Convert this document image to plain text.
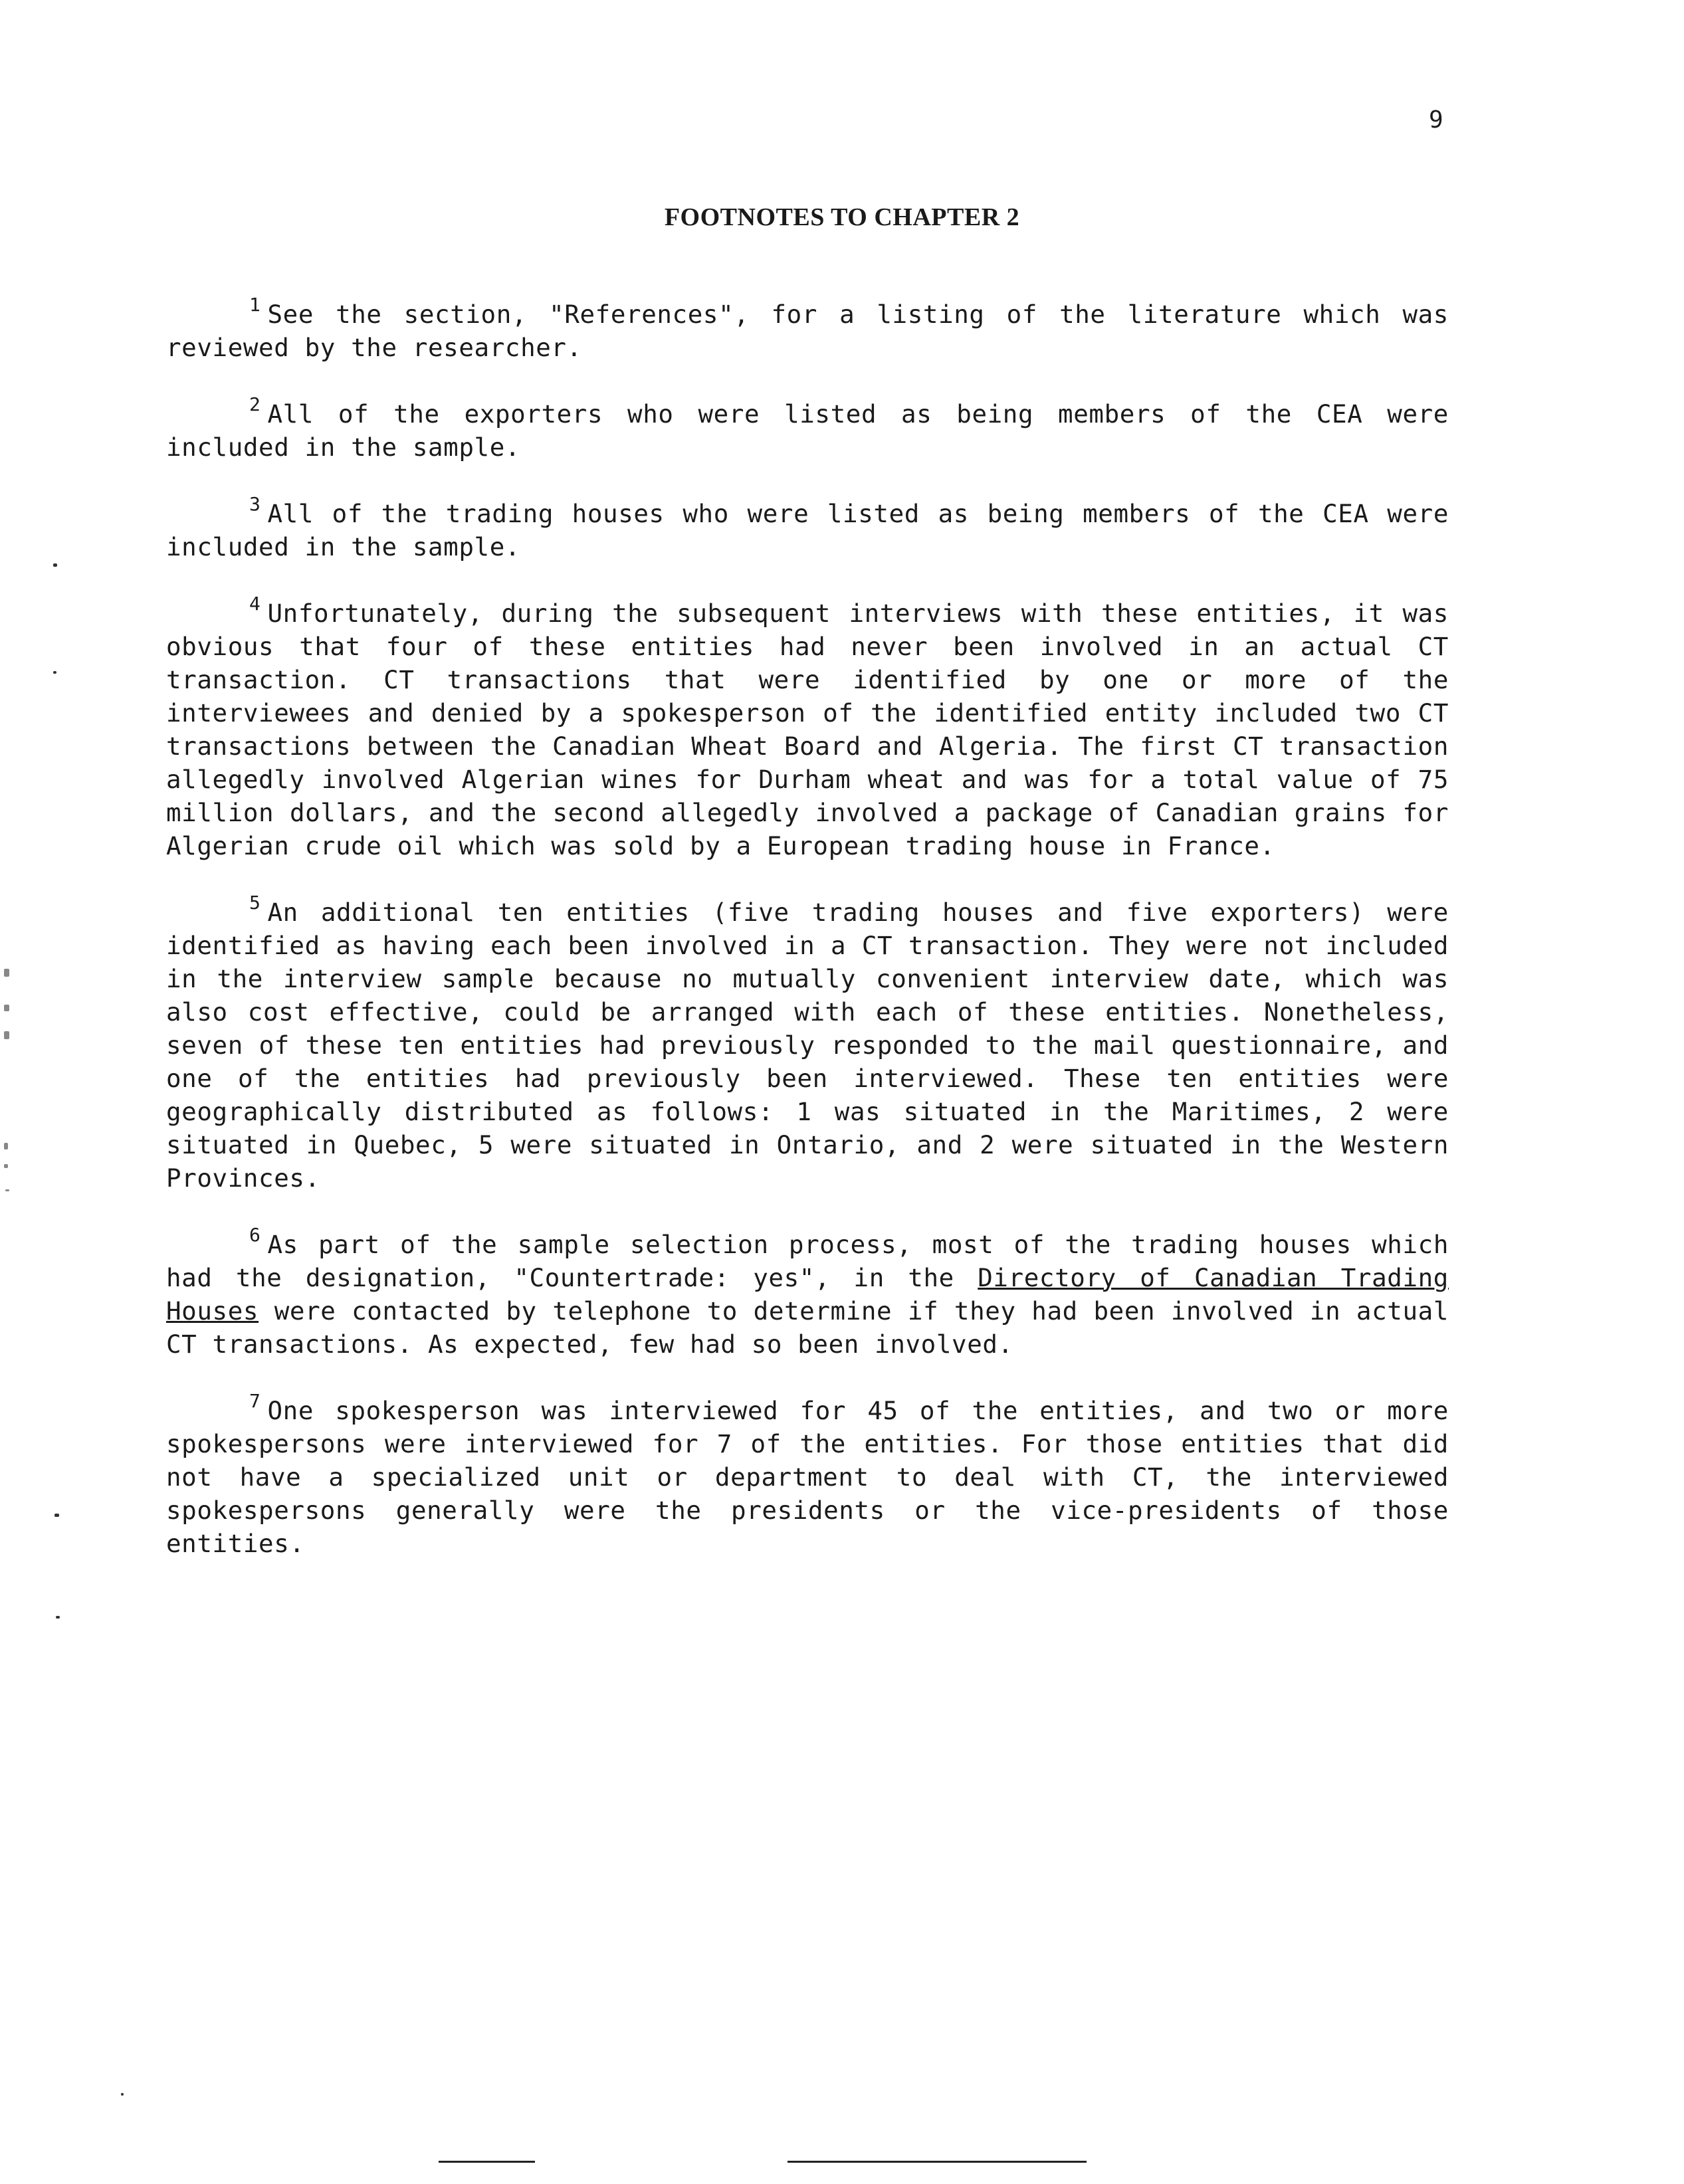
9
FOOTNOTES TO CHAPTER 2

$^1$ See the section, "References", for a listing of the literature which was reviewed by the researcher.

$^2$ All of the exporters who were listed as being members of the CEA were included in the sample.

$^3$ All of the trading houses who were listed as being members of the CEA were included in the sample.

$^4$ Unfortunately, during the subsequent interviews with these entities, it was obvious that four of these entities had never been involved in an actual CT transaction. CT transactions that were identified by one or more of the interviewees and denied by a spokesperson of the identified entity included two CT transactions between the Canadian Wheat Board and Algeria. The first CT transaction allegedly involved Algerian wines for Durham wheat and was for a total value of 75 million dollars, and the second allegedly involved a package of Canadian grains for Algerian crude oil which was sold by a European trading house in France.

$^5$ An additional ten entities (five trading houses and five exporters) were identified as having each been involved in a CT transaction. They were not included in the interview sample because no mutually convenient interview date, which was also cost effective, could be arranged with each of these entities. Nonetheless, seven of these ten entities had previously responded to the mail questionnaire, and one of the entities had previously been interviewed. These ten entities were geographically distributed as follows: 1 was situated in the Maritimes, 2 were situated in Quebec, 5 were situated in Ontario, and 2 were situated in the Western Provinces.

$^6$ As part of the sample selection process, most of the trading houses which had the designation, "Countertrade: yes", in the Directory of Canadian Trading Houses were contacted by telephone to determine if they had been involved in actual CT transactions. As expected, few had so been involved.

$^7$ One spokesperson was interviewed for 45 of the entities, and two or more spokespersons were interviewed for 7 of the entities. For those entities that did not have a specialized unit or department to deal with CT, the interviewed spokespersons generally were the presidents or the vice-presidents of those entities.
